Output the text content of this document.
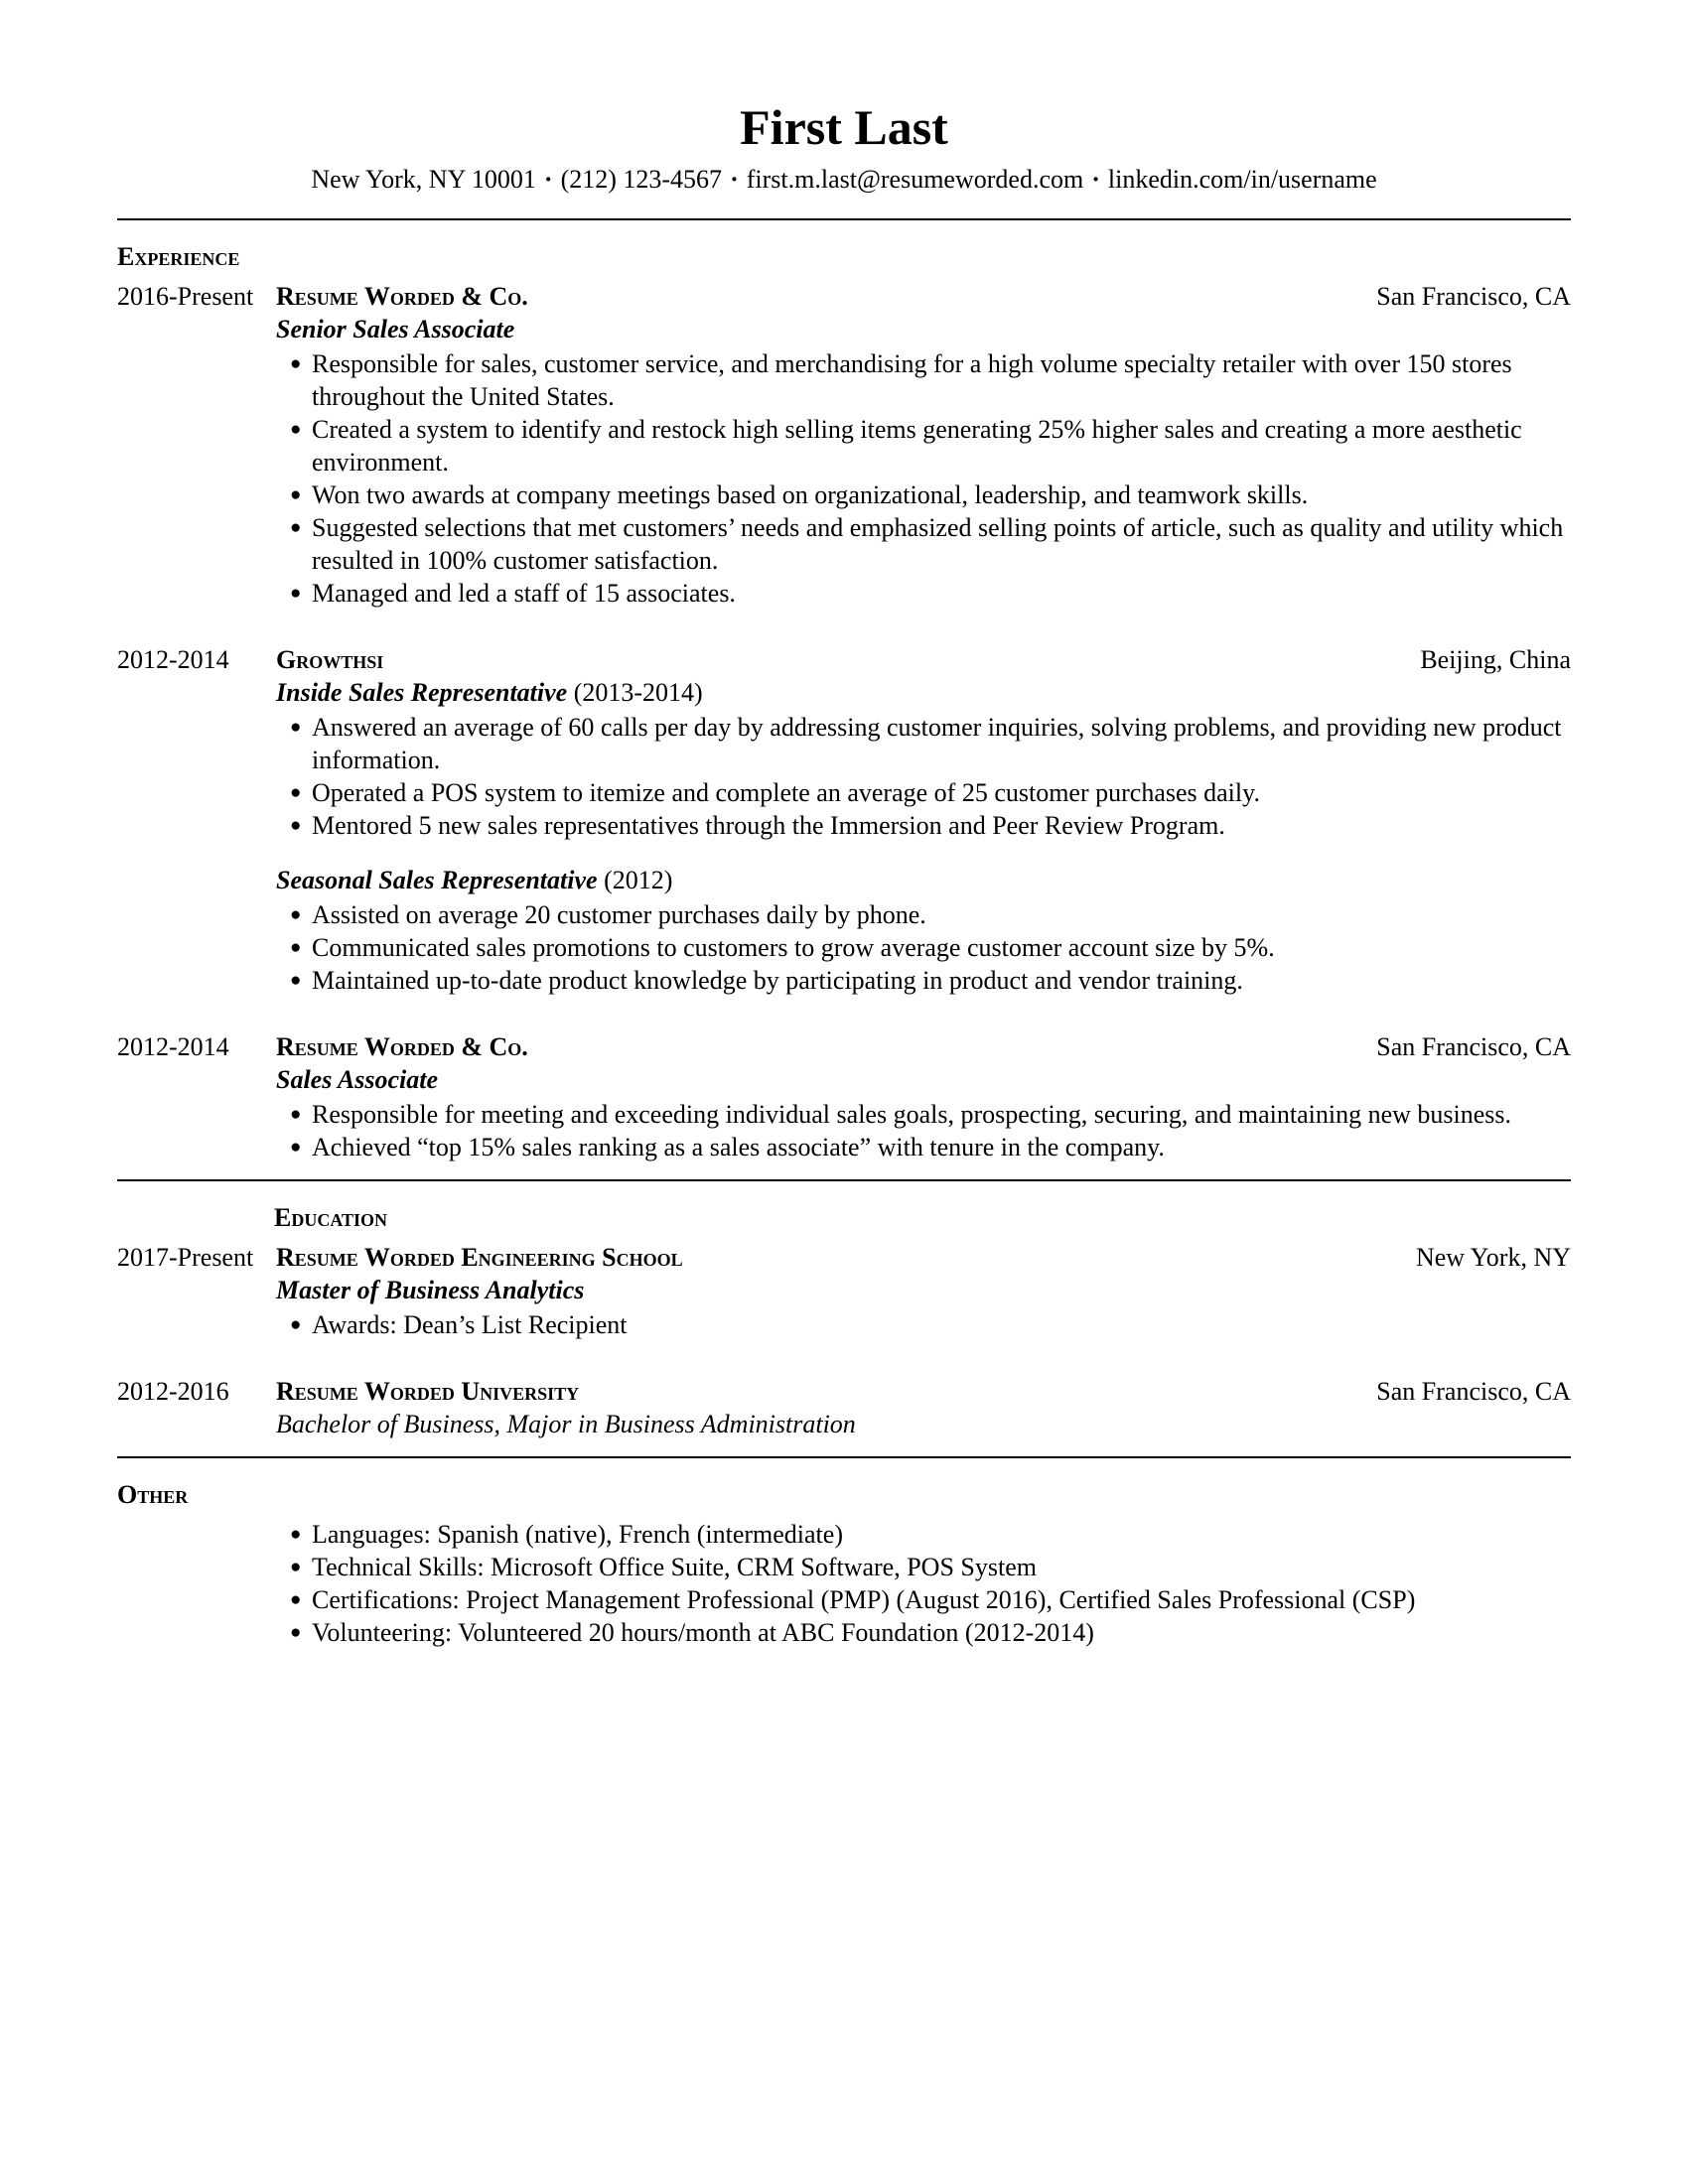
First Last
New York, NY 10001 · (212) 123-4567 · first.m.last@resumeworded.com · linkedin.com/in/username
Experience
2016-Present Resume Worded & Co.	San Francisco, CA
Senior Sales Associate
● Responsible for sales, customer service, and merchandising for a high volume specialty retailer with over 150 stores throughout the United States.
● Created a system to identify and restock high selling items generating 25% higher sales and creating a more aesthetic environment.
● Won two awards at company meetings based on organizational, leadership, and teamwork skills.
● Suggested selections that met customers’ needs and emphasized selling points of article, such as quality and utility which resulted in 100% customer satisfaction.
● Managed and led a staff of 15 associates.
2012-2014	Growthsi	Beijing, China
Inside Sales Representative (2013-2014)
● Answered an average of 60 calls per day by addressing customer inquiries, solving problems, and providing new product information.
● Operated a POS system to itemize and complete an average of 25 customer purchases daily.
● Mentored 5 new sales representatives through the Immersion and Peer Review Program.
Seasonal Sales Representative (2012)
● Assisted on average 20 customer purchases daily by phone.
● Communicated sales promotions to customers to grow average customer account size by 5%.
● Maintained up-to-date product knowledge by participating in product and vendor training.
2012-2014	Resume Worded & Co.	San Francisco, CA
Sales Associate
● Responsible for meeting and exceeding individual sales goals, prospecting, securing, and maintaining new business.
● Achieved “top 15% sales ranking as a sales associate” with tenure in the company.
Education
2017-Present Resume Worded Engineering School	New York, NY
Master of Business Analytics
● Awards: Dean’s List Recipient
2012-2016	Resume Worded University	San Francisco, CA
Bachelor of Business, Major in Business Administration
Other
● Languages: Spanish (native), French (intermediate)
● Technical Skills: Microsoft Office Suite, CRM Software, POS System
● Certifications: Project Management Professional (PMP) (August 2016), Certified Sales Professional (CSP)
● Volunteering: Volunteered 20 hours/month at ABC Foundation (2012-2014)
